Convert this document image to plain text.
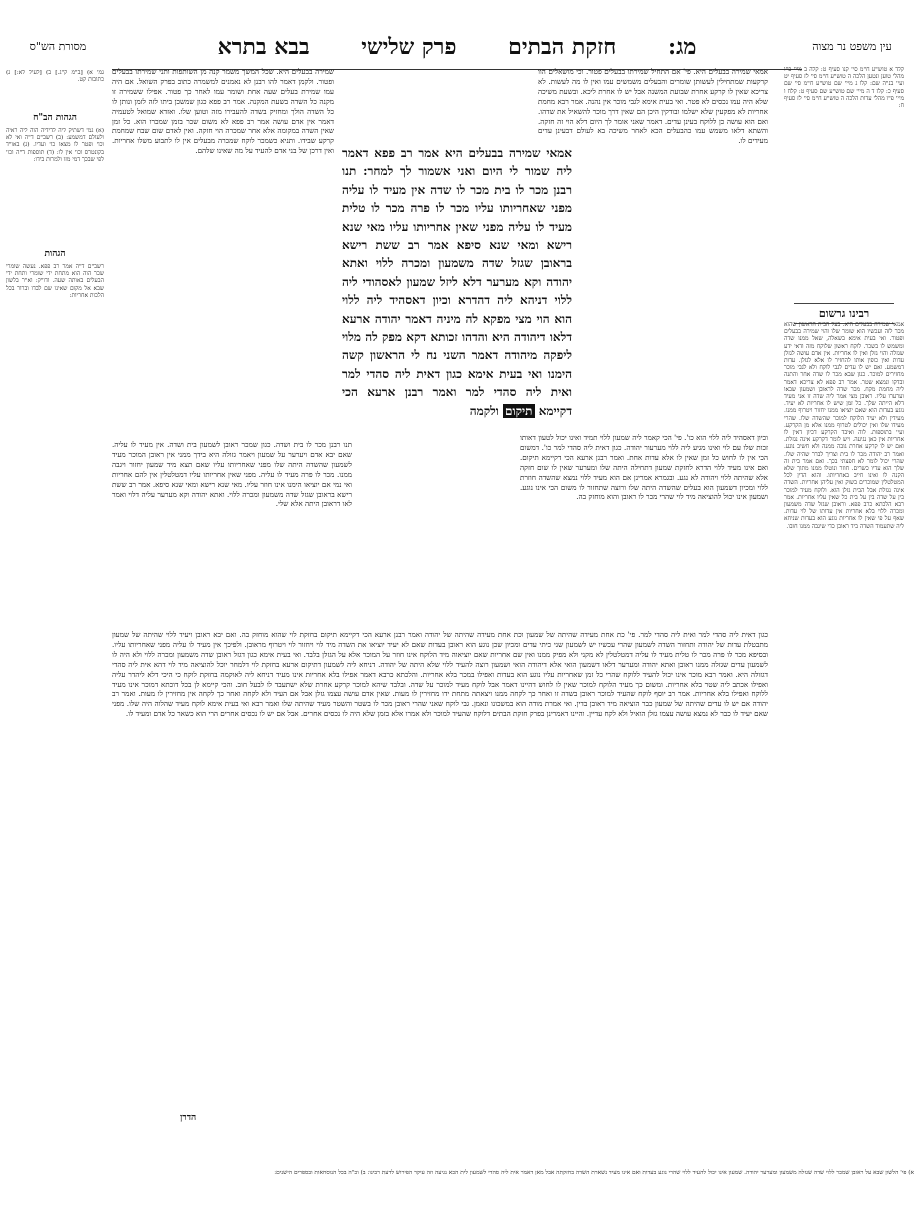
עין משפט נר מצוה
מסורת הש"ס	מג: חזקת הבתים פרק שלישי בבא בתרא
קלד א טוש"ע ח"מ סי' קנו סעיף ט: קלה ב מיי' פ"ו מהל' טוען ונטען הלכה ה טוש"ע ח"מ סי' לז סעיף יט ועי' בנ"ה שם: קלו ג מיי' שם טוש"ע ח"מ סי' שם סעיף כ: קלז ד ה מיי' שם טוש"ע שם סעיף ט: קלח ו מיי' פ"ו מהל' עדות הלכה ה טוש"ע ח"מ סי' לז סעיף ח:
רבינו גרשום
אמאי שמירה בבעלים היא. בעל הבית הראשון שהוא מכר לזה ועכשיו הוא שומר שלו והוי שמירה בבעלים ופטור. ואי בעית אימא בשאלה, שאל ממנו שדה ומשמש לו בשכר. לוקח ראשון שלוקח מזה ודאי ידע שגזלה והוי גזלן ואין לו אחריות. אין אדם עושה לגזלן עדות ואין כופין אותו להחזיר לו אלא לגזלן. עדות דמשמע. ואם יש לו עדים לגבי לוקח ולא לגבי מוכר מחזירים למוכר. כגון שבא מכר לו שדה אחר והתנה ובדקו ונמצא שטר. אמר רב פפא לא צריכא דאמר ליה מחמת מקח. מכר שדה לראובן ושמעון שבאו וערערו עליו. ראובן מצי אמר ליה שדה זו אני מעיד דלא הייתה שלך. כל זמן שיש לו אחריות לא יעיד. נוגע בעדות הוא שאם יוציאו ממנו יחזור ויטרוף ממנו. מעידין ולא יעיד הלוקח למוכר שהשדה שלו. שהרי מעידו שלו ואין יכולים לטרוף ממנו אלא מן הקרקע. ועי' בתוספות. לוה ואיבד הקרקע דכיון דאין לו אחריות אין כאן נגיעה. ויש לומר דקרקע אינה נגזלת. ואם יש לו קרקע אחרת גובה ממנה ולא חשיב נוגע. ואמר רב יהודה מכר לו בית וצריך לברר שהיה שלו. שהרי יכול לומר לא חפצתי בכך. ואם אמר בית זה שלך הוא עדיו כשרים. חוזר ונוטלו ממנו מתוך שלא הקנה לו ואינו חייב באחריותו. והוא הדין לכל המטלטלין שמוכרים בשוק ואין עליהן אחריות. השדה אינה נגזלת אבל הבית גזלן הוא. ולוקח מעיד למוכר בין על שדה בין על בית כל שאין עליו אחריות. אמר רבא הלכתא כרב פפא. וראובן שגזל שדה משמעון ומכרה ללוי בלא אחריות אין עדותו של לוי עדות. שאף על פי שאין לו אחריות נוגע הוא בעדות שניחא ליה שתעמוד השדה ביד ראובן כדי שיגבה ממנו חובו.
גמ' א) [ב"מ ק"ג.] ב) [לעיל לא:] ג) כתובות קט.
הגהות הב"ח
(א) גמ' דשתיק ליה לדידיה הוה ליה ראיה ולעולם דמשמע: (ב) רשב"ם ד"ה ואי לא וכו' ופטר לו מצאו כו' ועדיו. (ג) באו"ד בקונטרס וכו' אין לו: (ד) תוספות ד"ה וכו' לפי שבכך דמי מזו ולמרות בידו:
הגהות
רשב"ם ד"ה אמר רב פפא. נעשה שומרי שכר הוה הוא מתחת ידי שומרי ותחת ידי הבעלים באותה שעה. ודו"ק: וא"ר בלשון שבא אל מקום שאינו שם לבדו וברור בכל הלכות אחריות:
אמאי שמירה בבעלים היא. פי' אם התחיל שמירתו בבעלים פטור. וכי מושאלים הוו קרקעות שמתחילין לעשותן שומרים והבעלים משמשים עמו ואין לו מה לעשות. לא צריכא שאין לו קרקע אחרת שבועת המשנה אבל יש לו אחרת ליכא. ובשעת משיכה שלא היה עמו נכסים לא פטר. ואי בעית אימא לגבי מוכר אין נהנה. אמר רבא מחמת אחריות לא מפקעין שלא ישלמו ובודקין היכן הם שאין דרך מוכר להשאיל את שדהו. ואם הוא עושה כן ללוקח בעינן עדים. דאמר שאני אומר לך היום דלא הוי זה חזקה. והשתא דלאו משמש עמו כהבעלים הכא לאחר משיכה בא לעולם דבעינן עדים מעידים לו.
שמירה בבעלים היא. שכל המשך משמר קנה מן השותפות ותני שמירתו בבעלים ופטור. ולקמן דאמר להו רבנן לא נאמנים למשמרה כתוב בפרק השואל. אם היה עמו שמירת בעלים שעה אחת ושומר עמו לאחר כך פטור. אפילו ששמירה זו מקנה כל השדה בשעת המקנה. אמר רב פפא כגון שמשכן ביתו לזה לזמן ונותן לו כל השדה הולך ומחזיק בשדה להעבירו מזה וטוען שלו. ואזדא שמואל לטעמיה דאמר אין אדם עושה אמר רב פפא לא משום שכר בזמן שמכרו הוא. כל זמן שאין השדה במקומה אלא אחר שמכרה הוי חזקה. ואין לאדם שום שבח שמחמת קרקע שבידו. ותניא כשמכר לוקח שמכרה מבעלים אין לו לתבוע משלו אחריות. ואין דרכן של בני אדם להעיד על מה שאינו שלהם. אמאי שמירה בבעלים היא אמר רב פפא דאמר ליה שמור לי היום ואני אשמור לך למחר: תנו רבנן מכר לו בית מכר לו שדה אין מעיד לו עליה מפני שאחריותו עליו מכר לו פרה מכר לו טלית מעיד לו עליה מפני שאין אחריותו עליו מאי שנא רישא ומאי שנא סיפא אמר רב ששת רישא בראובן שגזל שדה משמעון ומכרה ללוי ואתא יהודה וקא מערער דלא ליזל שמעון לאסהודי ליה ללוי דניהא ליה דהדרא וכיון דאסהיד ליה ללוי הוא הוי מצי מפקא לה מיניה דאמר יהודה ארעא דלאו דיהודה היא והדהו זכותא דקא מפק לה מלוי ליפקה מיהודה דאמר השני נח לי הראשון קשה הימנו ואי בעית אימא כגון דאית ליה סהדי למר ואית ליה סהדי למר ואמר רבנן ארעא הכי דקיימא תיקום ולקמה
וכיון דאסהיד ליה ללוי הוא כו'. פי' הכי קאמר ליה שמעון ללוי תמיד ואינו יכול לטעון דאותו זכות שלו עם לוי ואינו מגיע ליה ללוי מערעור יהודה. כגון דאית ליה סהדי למר כו'. דמשום הכי אין לו לחוש כל זמן שאין לו אלא עדות אחת. ואמר רבנן ארעא הכי דקיימא תיקום. ואם אינו מעיד ללוי הדרא לחזקת שמעון דתחילה היתה שלו ומערער שאין לו שום חזקה אלא שהיתה ללוי ויהודה לא נגע. ובגמרא אמרינן אם הוא מעיד ללוי נמצא שהשדה חוזרת ללוי ומכיון דשמעון הוא בעלים שהשדה היתה שלו ורוצה שתחזור לו משום הכי אינו נוגע. ושמעון אינו יכול להוציאה מיד לוי שהרי מכר לו ראובן והוא מוחזק בה.
תנו רבנן מכר לו בית ושדה. כגון שמכר ראובן לשמעון בית ושדה. אין מעיד לו עליה. שאם יבא אדם ויערער על שמעון ויאמר גזולה היא בידך ממני אין ראובן המוכר מעיד לשמעון שהשדה היתה שלו מפני שאחריותו עליו שאם תצא מיד שמעון יחזור ויגבה ממנו. מכר לו פרה מעיד לו עליה. מפני שאין אחריותו עליו דמטלטלין אין להם אחריות ואי נמי אם יוציאו הימנו אינו חוזר עליו. מאי שנא רישא ומאי שנא סיפא. אמר רב ששת רישא בראובן שגזל שדה משמעון ומכרה ללוי. ואתא יהודה וקא מערער עליה דלוי ואמר לאו דראובן היתה אלא שלי.
כגון דאית ליה סהדי למר ואית ליה סהדי למר. פי' כת אחת מעידה שהיתה של שמעון וכת אחת מעידה שהיתה של יהודה ואמר רבנן ארעא הכי דקיימא תיקום בחזקת לוי שהוא מוחזק בה. ואם יבא ראובן ויעיד ללוי שהיתה של שמעון מתבטלת עדות של יהודה ותחזור השדה לשמעון שהרי עכשיו יש לשמעון שני כיתי עדים ומכיון שכן נוגע הוא ראובן בעדות שאם לא יעיד יוציאו את השדה מיד לוי ויחזור לוי ויטרוף מראובן. ולפיכך אין מעיד לו עליה מפני שאחריותו עליו. ובסיפא מכר לו פרה מכר לו טלית מעיד לו עליה דמטלטלין לא מקני ולא מפיק ממנו ואין שם אחריות שאם יוציאוה מיד הלוקח אינו חוזר על המוכר אלא על הגזלן בלבד. ואי בעית אימא כגון דגזל ראובן שדה משמעון ומכרה ללוי ולא היה לו לשמעון עדים שגזלה ממנו ראובן ואתא יהודה ומערער דלאו דשמעון הואי אלא דיהודה הואי ושמעון רוצה להעיד ללוי שלא היתה של יהודה. דניחא ליה לשמעון דתיקום ארעא בחזקת לוי דלמחר יוכל להוציאה מיד לוי דהא אית ליה סהדי דגזולה היא. ואמר רבא מוכר אינו יכול להעיד ללוקח שהרי כל זמן שאחריות עליו נוגע הוא בעדות ואפילו במכר בלא אחריות. והלכתא כרבא דאמר אפילו בלא אחריות אינו מעיד דניחא ליה לאוקמה בחזקת לוקח כי היכי דלא ליהדר עליה ואפילו אכתב ליה שטר בלא אחריות. ומשום כך מעיד הלוקח למוכר שאין לו לחוש דהיינו דאמר אבל לוקח מעיד למוכר על שדה. ובלבד שיהא למוכר קרקע אחרת שלא ישתעבד לו לבעל חוב. והכי קיימא לן בכל דוכתא דמוכר אינו מעיד ללוקח ואפילו בלא אחריות. אמר רב יוסף לוקח שהעיד למוכר ראובן בשדה זו ואחר כך לקחה ממנו ויצאתה מתחת ידו מחזירין לו מעות. שאין אדם עושה עצמו גזלן אבל אם העיד ולא לקחה ואחר כך לקחה אין מחזירין לו מעות. ואמר רב יהודה אם יש לו עדים שהיתה של שמעון כבר הוציאה מיד ראובן בדין. ואי אמרת מודה הוא במשכונו ונאמן. גבי לוקח שאני שהרי ראובן מכר לו בשטר והשטר מעיד שהיתה שלו ואמר רבא ואי בעית אימא לוקח מעיד שהלוה היה שלו. מפני שאם יעיד לו כבר לא נמצא עושה עצמו גזלן הואיל ולא לקח עדיין. והיינו דאמרינן בפרק חזקת הבתים דלוקח שהעיד למוכר ולא אמרו אלא בזמן שלא היה לו נכסים אחרים. אבל אם יש לו נכסים אחרים הרי הוא כשאר כל אדם ומעיד לו.
הדרן
א) פי' הלשון שבא על ראובן שמכר ללוי שדה שגזלה משמעון ומערער יהודה. שמעון אינו יכול להעיד ללוי שהרי נוגע בעדות ואם אינו מעיד נשארת השדה בחזקתה אבל מאן דאמר אית ליה סהדי לשמעון לית הכא נגיעה וזה עיקר הפירוש לדעת רבינו: ב) וכ"ה בכל הנוסחאות ובספרים הישנים:
